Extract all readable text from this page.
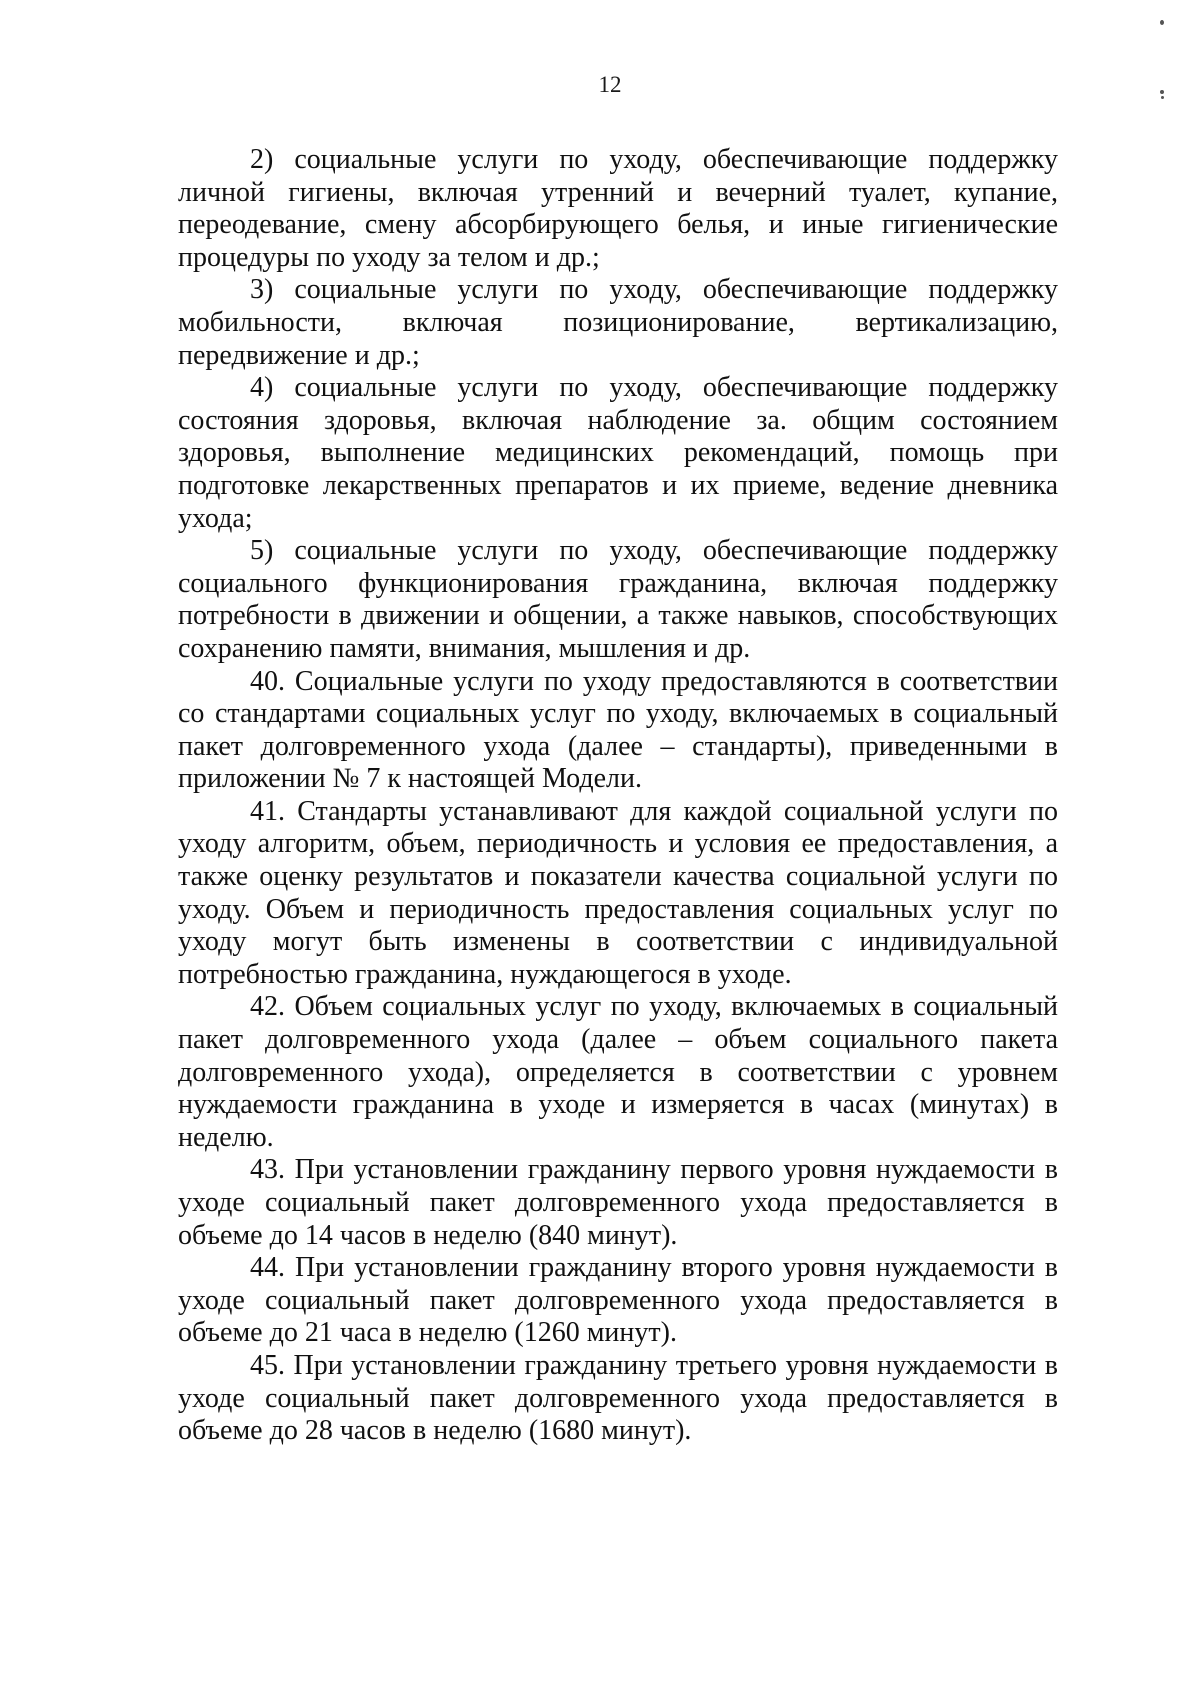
12

2) социальные услуги по уходу, обеспечивающие поддержку личной гигиены, включая утренний и вечерний туалет, купание, переодевание, смену абсорбирующего белья, и иные гигиенические процедуры по уходу за телом и др.;

3) социальные услуги по уходу, обеспечивающие поддержку мобильности, включая позиционирование, вертикализацию, передвижение и др.;

4) социальные услуги по уходу, обеспечивающие поддержку состояния здоровья, включая наблюдение за. общим состоянием здоровья, выполнение медицинских рекомендаций, помощь при подготовке лекарственных препаратов и их приеме, ведение дневника ухода;

5) социальные услуги по уходу, обеспечивающие поддержку социального функционирования гражданина, включая поддержку потребности в движении и общении, а также навыков, способствующих сохранению памяти, внимания, мышления и др.

40. Социальные услуги по уходу предоставляются в соответствии со стандартами социальных услуг по уходу, включаемых в социальный пакет долговременного ухода (далее – стандарты), приведенными в приложении № 7 к настоящей Модели.

41. Стандарты устанавливают для каждой социальной услуги по уходу алгоритм, объем, периодичность и условия ее предоставления, а также оценку результатов и показатели качества социальной услуги по уходу. Объем и периодичность предоставления социальных услуг по уходу могут быть изменены в соответствии с индивидуальной потребностью гражданина, нуждающегося в уходе.

42. Объем социальных услуг по уходу, включаемых в социальный пакет долговременного ухода (далее – объем социального пакета долговременного ухода), определяется в соответствии с уровнем нуждаемости гражданина в уходе и измеряется в часах (минутах) в неделю.

43. При установлении гражданину первого уровня нуждаемости в уходе социальный пакет долговременного ухода предоставляется в объеме до 14 часов в неделю (840 минут).

44. При установлении гражданину второго уровня нуждаемости в уходе социальный пакет долговременного ухода предоставляется в объеме до 21 часа в неделю (1260 минут).

45. При установлении гражданину третьего уровня нуждаемости в уходе социальный пакет долговременного ухода предоставляется в объеме до 28 часов в неделю (1680 минут).
